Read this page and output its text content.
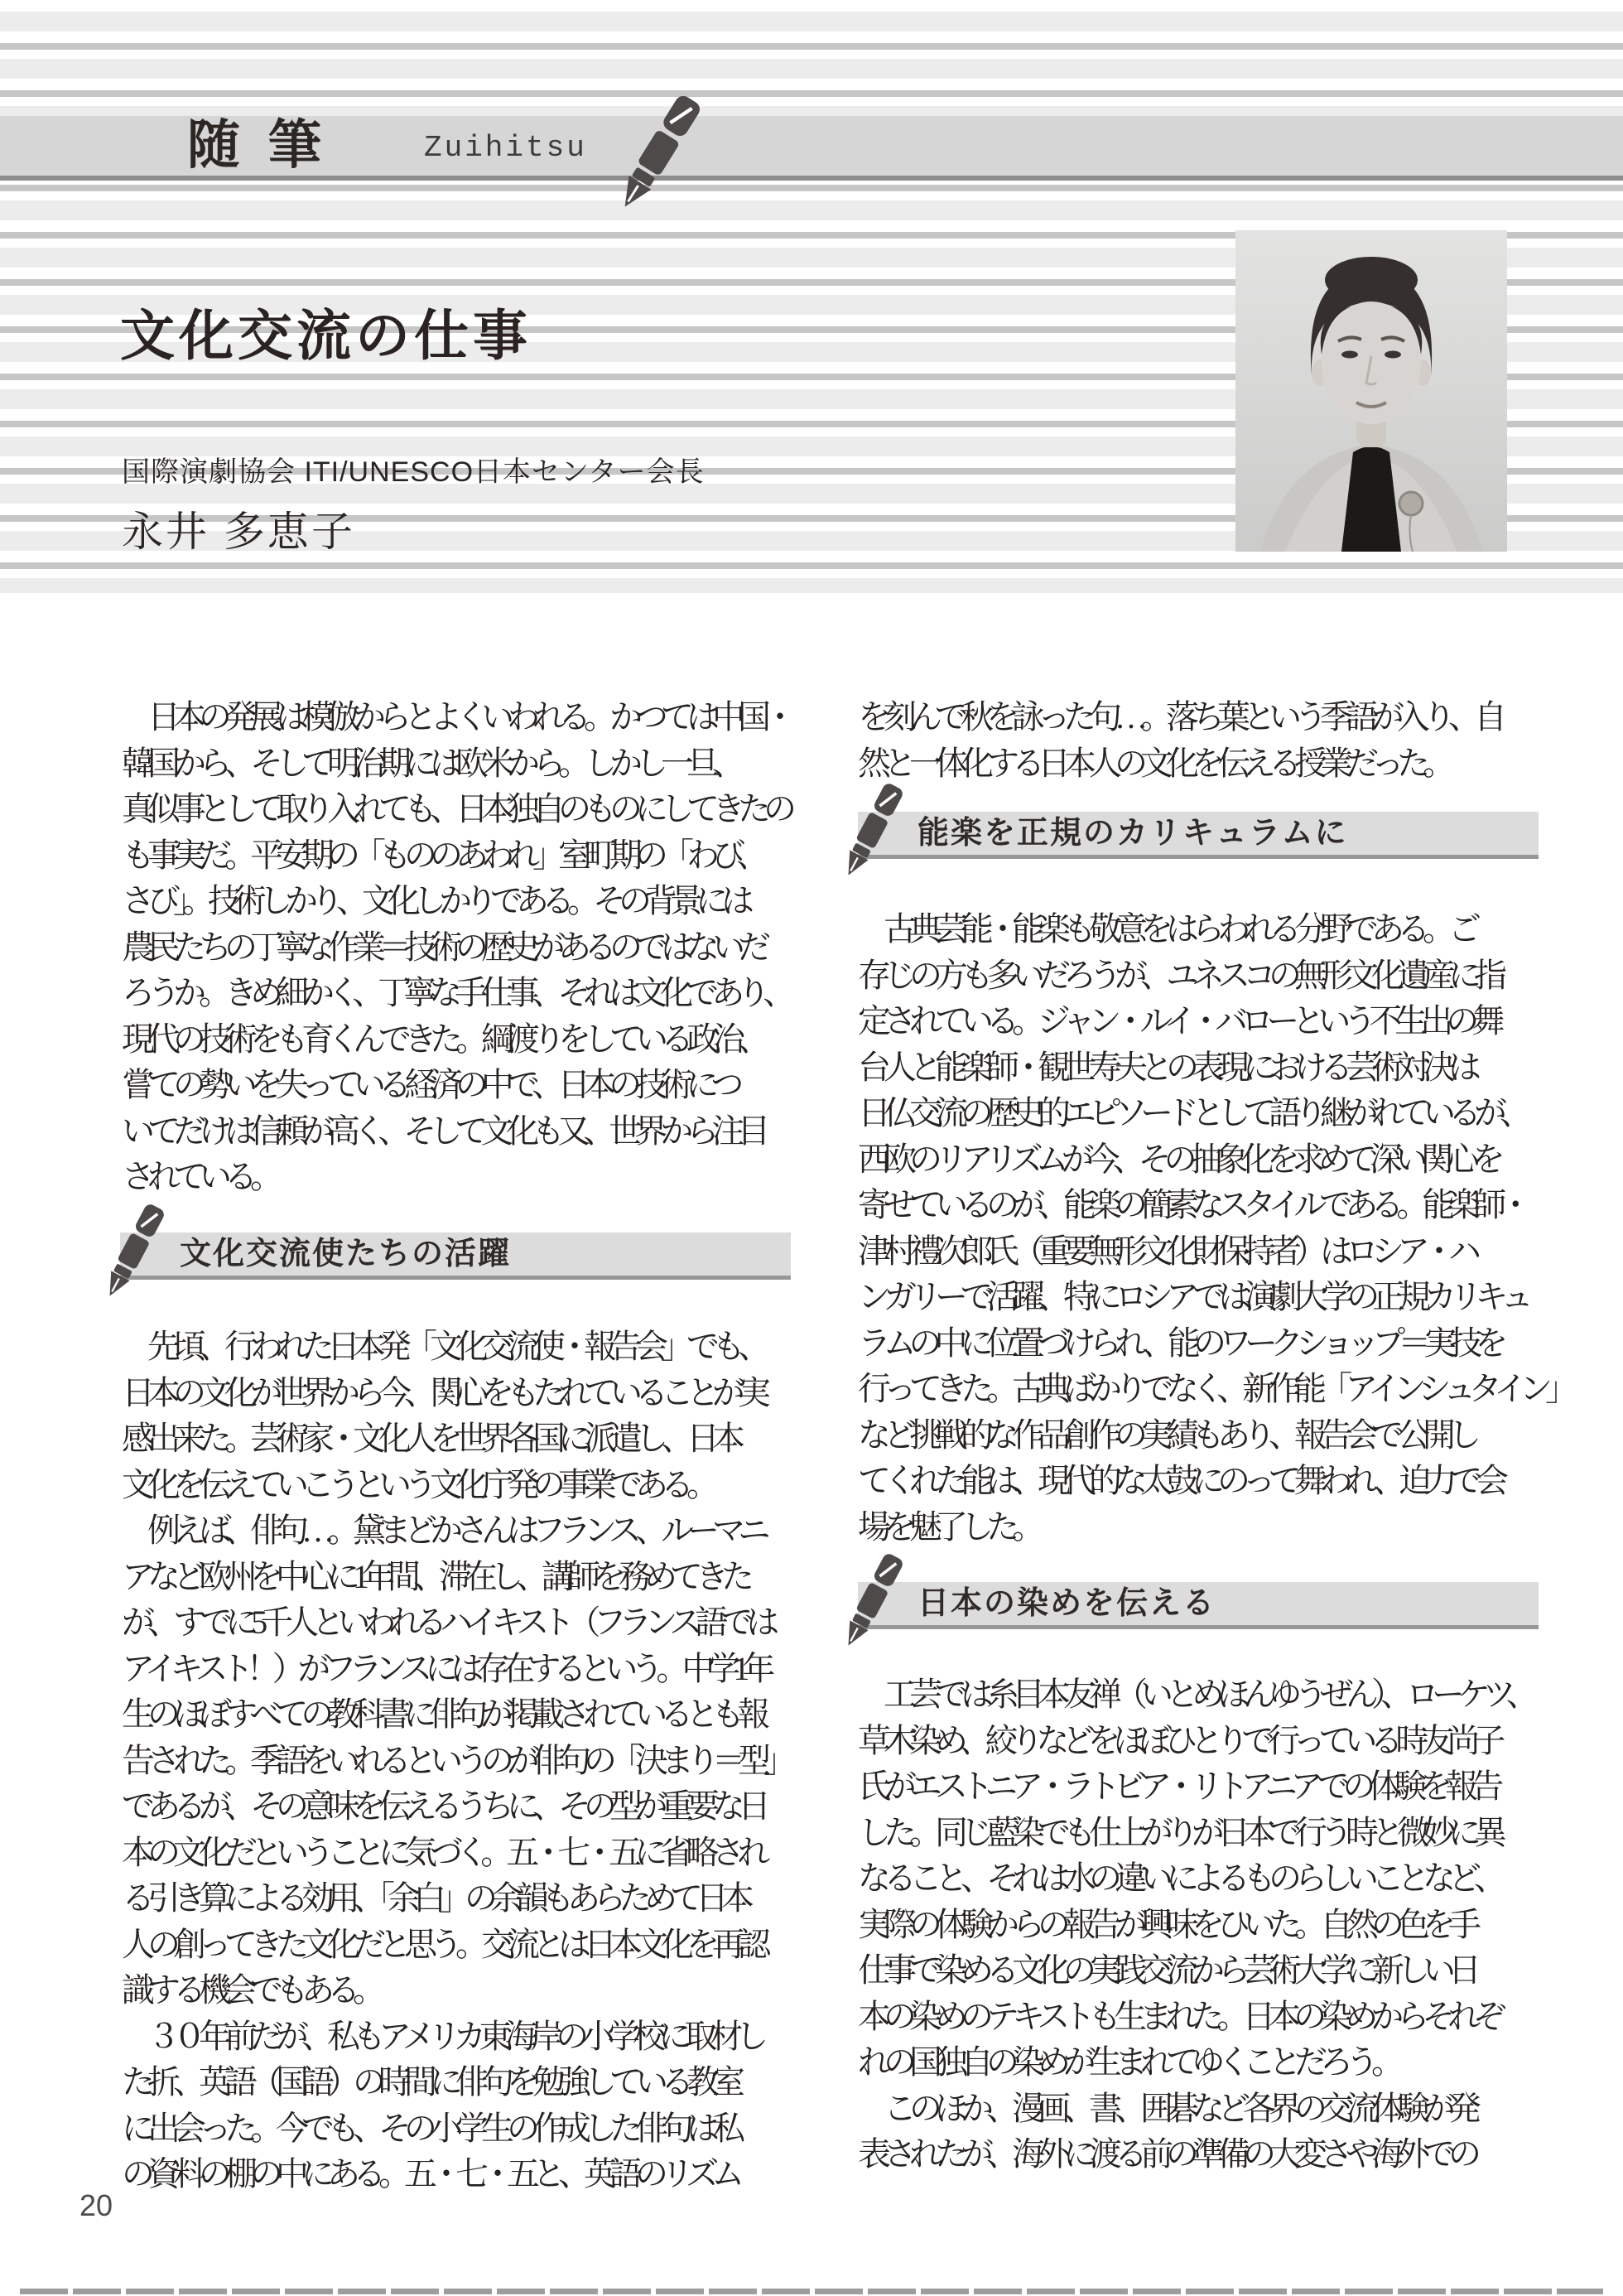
随筆	Zuihitsu
文化交流の仕事
国際演劇協会 ITI/UNESCO日本センター会長
永井 多恵子
　日本の発展は模倣からとよくいわれる。かつては中国・
韓国から、そして明治期には欧米から。しかし一旦、
真似事として取り入れても、日本独自のものにしてきたの
も事実だ。平安期の「もののあわれ」室町期の「わび、
さび」。技術しかり、文化しかりである。その背景には
農民たちの丁寧な作業＝技術の歴史があるのではないだ
ろうか。きめ細かく、丁寧な手仕事、それは文化であり、
現代の技術をも育くんできた。綱渡りをしている政治、
嘗ての勢いを失っている経済の中で、日本の技術につ
いてだけは信頼が高く、そして文化も又、世界から注目
されている。
文化交流使たちの活躍
　先頃、行われた日本発「文化交流使・報告会」でも、
日本の文化が世界から今、関心をもたれていることが実
感出来た。芸術家・文化人を世界各国に派遣し、日本
文化を伝えていこうという文化庁発の事業である。
　例えば、俳句…。黛まどかさんはフランス、ルーマニ
アなど欧州を中心に1年間、滞在し、講師を務めてきた
が、すでに5千人といわれるハイキスト（フランス語では
アイキスト！）がフランスには存在するという。中学1年
生のほぼすべての教科書に俳句が掲載されているとも報
告された。季語をいれるというのが俳句の「決まり＝型」
であるが、その意味を伝えるうちに、その型が重要な日
本の文化だということに気づく。五・七・五に省略され
る引き算による効用、「余白」の余韻もあらためて日本
人の創ってきた文化だと思う。交流とは日本文化を再認
識する機会でもある。
　３０年前だが、私もアメリカ東海岸の小学校に取材し
た折、英語（国語）の時間に俳句を勉強している教室
に出会った。今でも、その小学生の作成した俳句は私
の資料の棚の中にある。五・七・五と、英語のリズム
を刻んで秋を詠った句…。落ち葉という季語が入り、自
然と一体化する日本人の文化を伝える授業だった。
能楽を正規のカリキュラムに
　古典芸能・能楽も敬意をはらわれる分野である。ご
存じの方も多いだろうが、ユネスコの無形文化遺産に指
定されている。ジャン・ルイ・バローという不生出の舞
台人と能楽師・観世寿夫との表現における芸術対決は
日仏交流の歴史的エピソードとして語り継がれているが、
西欧のリアリズムが今、その抽象化を求めて深い関心を
寄せているのが、能楽の簡素なスタイルである。能楽師・
津村禮次郎氏（重要無形文化財保持者）はロシア・ハ
ンガリーで活躍、特にロシアでは演劇大学の正規カリキュ
ラムの中に位置づけられ、能のワークショップ＝実技を
行ってきた。古典ばかりでなく、新作能「アインシュタイン」
など挑戦的な作品創作の実績もあり、報告会で公開し
てくれた能は、現代的な太鼓にのって舞われ、迫力で会
場を魅了した。
日本の染めを伝える
　工芸では糸目本友禅（いとめほんゆうぜん）、ローケツ、
草木染め、絞りなどをほぼひとりで行っている時友尚子
氏がエストニア・ラトビア・リトアニアでの体験を報告
した。同じ藍染でも仕上がりが日本で行う時と微妙に異
なること、それは水の違いによるものらしいことなど、
実際の体験からの報告が興味をひいた。自然の色を手
仕事で染める文化の実践交流から芸術大学に新しい日
本の染めのテキストも生まれた。日本の染めからそれぞ
れの国独自の染めが生まれてゆくことだろう。
　このほか、漫画、書、囲碁など各界の交流体験が発
表されたが、海外に渡る前の準備の大変さや海外での
20
